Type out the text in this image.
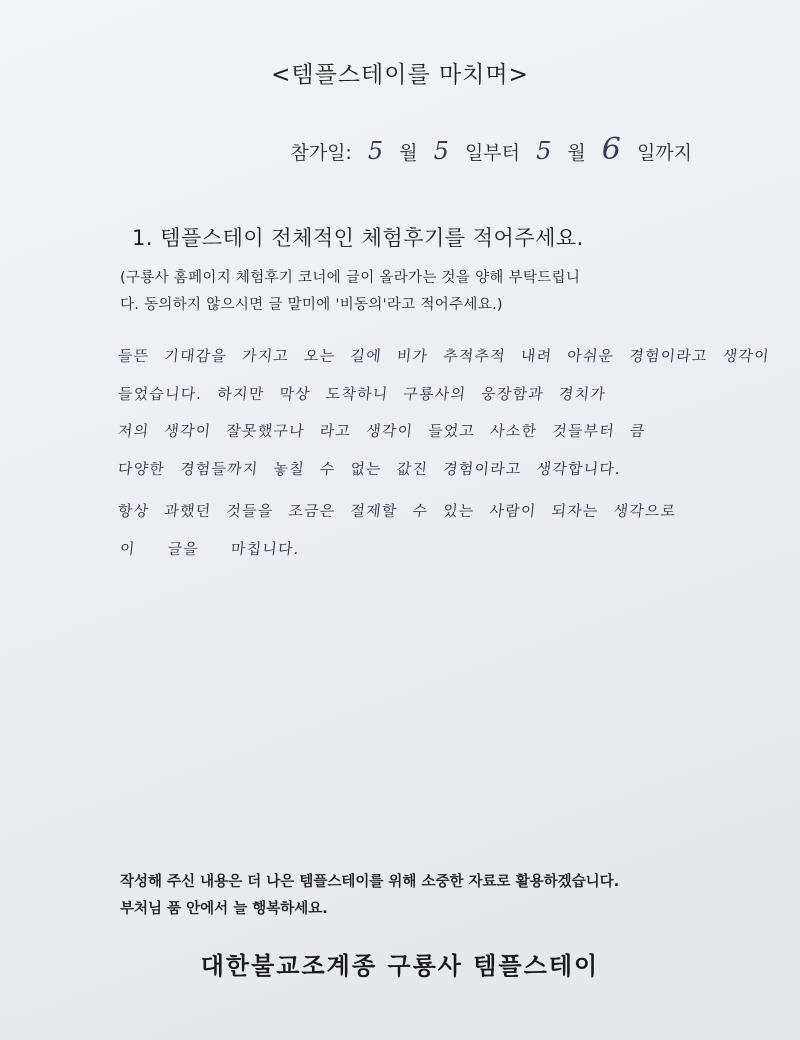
<템플스테이를 마치며>
참가일: 5 월 5 일부터 5 월 6 일까지
1. 템플스테이 전체적인 체험후기를 적어주세요.
(구룡사 홈페이지 체험후기 코너에 글이 올라가는 것을 양해 부탁드립니
다. 동의하지 않으시면 글 말미에 '비동의'라고 적어주세요.)
들뜬 기대감을 가지고 오는 길에 비가 추적추적 내려 아쉬운 경험이라고 생각이
들었습니다. 하지만 막상 도착하니 구룡사의 웅장함과 경치가
저의 생각이 잘못했구나 라고 생각이 들었고 사소한 것들부터 큼
다양한 경험들까지 놓칠 수 없는 값진 경험이라고 생각합니다.
항상 과했던 것들을 조금은 절제할 수 있는 사람이 되자는 생각으로
이 글을 마칩니다.
작성해 주신 내용은 더 나은 템플스테이를 위해 소중한 자료로 활용하겠습니다.
부처님 품 안에서 늘 행복하세요.
대한불교조계종 구룡사 템플스테이
